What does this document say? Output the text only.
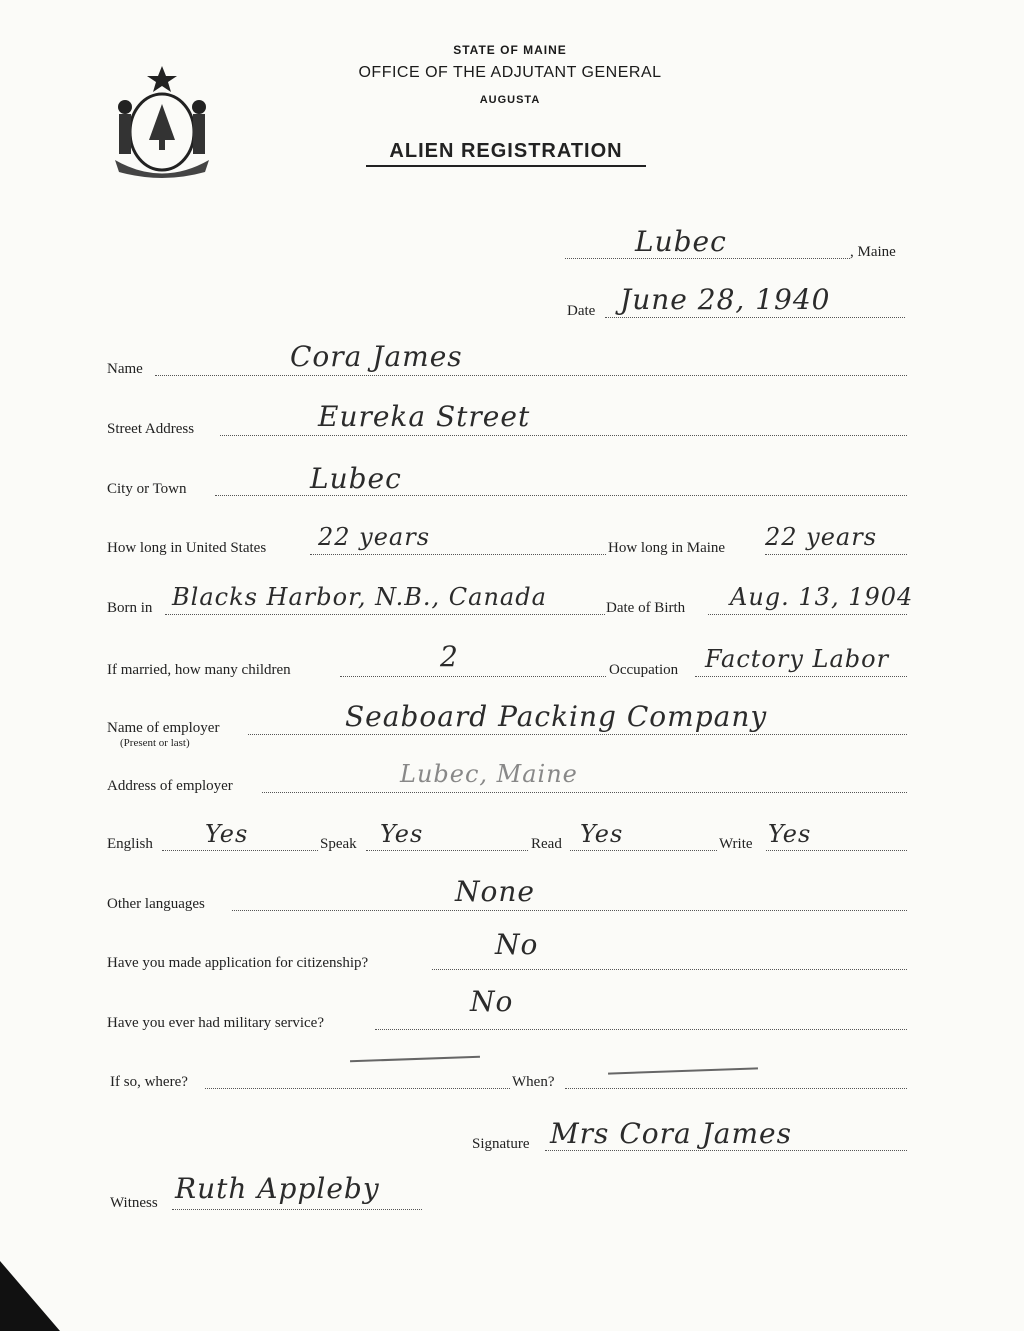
STATE OF MAINE
OFFICE OF THE ADJUTANT GENERAL
AUGUSTA
ALIEN REGISTRATION
Lubec	, Maine
Date June 28, 1940
Name	Cora James
Street Address	Eureka Street
City or Town	Lubec
How long in United States 22 years	How long in Maine 22 years
Born in Blacks Harbor, N.B., Canada	Date of Birth Aug. 13, 1904
If married, how many children	2	Occupation Factory Labor
Name of employer
(Present or last)
Seaboard Packing Company
Address of employer	Lubec, Maine
English Yes	Speak Yes	Read Yes	Write Yes
Other languages	None
Have you made application for citizenship?
No
Have you ever had military service?
No
If so, where?	When?
Signature Mrs Cora James
Witness Ruth Appleby
